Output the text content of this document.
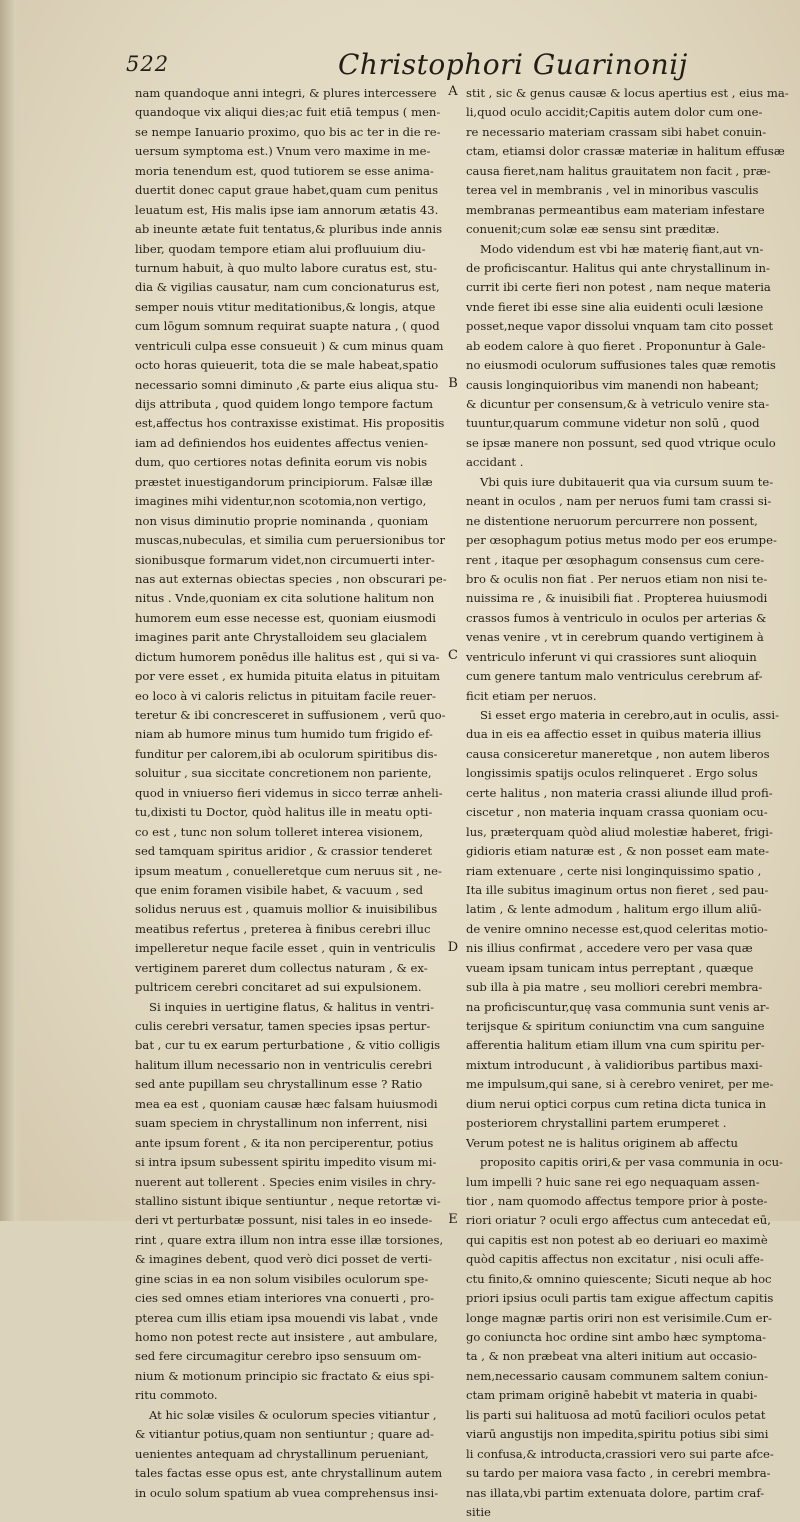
522	Christophori Guarinonij
nam quandoque anni integri, & plures intercessere
quandoque vix aliqui dies;ac fuit etiā tempus ( men-
se nempe Ianuario proximo, quo bis ac ter in die re-
uersum symptoma est.) Vnum vero maxime in me-
moria tenendum est, quod tutiorem se esse anima-
duertit donec caput graue habet,quam cum penitus
leuatum est, His malis ipse iam annorum ætatis 43.
ab ineunte ætate fuit tentatus,& pluribus inde annis
liber, quodam tempore etiam alui profluuium diu-
turnum habuit, à quo multo labore curatus est, stu-
dia & vigilias causatur, nam cum concionaturus est,
semper nouis vtitur meditationibus,& longis, atque
cum lōgum somnum requirat suapte natura , ( quod
ventriculi culpa esse consueuit ) & cum minus quam
octo horas quieuerit, tota die se male habeat,spatio
necessario somni diminuto ,& parte eius aliqua stu-
dijs attributa , quod quidem longo tempore factum
est,affectus hos contraxisse existimat. His propositis
iam ad definiendos hos euidentes affectus venien-
dum, quo certiores notas definita eorum vis nobis
præstet inuestigandorum principiorum. Falsæ illæ
imagines mihi videntur,non scotomia,non vertigo,
non visus diminutio proprie nominanda , quoniam
muscas,nubeculas, et similia cum peruersionibus tor
sionibusque formarum videt,non circumuerti inter-
nas aut externas obiectas species , non obscurari pe-
nitus . Vnde,quoniam ex cita solutione halitum non
humorem eum esse necesse est, quoniam eiusmodi
imagines parit ante Chrystalloidem seu glacialem
dictum humorem ponēdus ille halitus est , qui si va-
por vere esset , ex humida pituita elatus in pituitam
eo loco à vi caloris relictus in pituitam facile reuer-
teretur & ibi concresceret in suffusionem , verū quo-
niam ab humore minus tum humido tum frigido ef-
funditur per calorem,ibi ab oculorum spiritibus dis-
soluitur , sua siccitate concretionem non pariente,
quod in vniuerso fieri videmus in sicco terræ anheli-
tu,dixisti tu Doctor, quòd halitus ille in meatu opti-
co est , tunc non solum tolleret interea visionem,
sed tamquam spiritus aridior , & crassior tenderet
ipsum meatum , conuelleretque cum neruus sit , ne-
que enim foramen visibile habet, & vacuum , sed
solidus neruus est , quamuis mollior & inuisibilibus
meatibus refertus , preterea à finibus cerebri illuc
impelleretur neque facile esset , quin in ventriculis
vertiginem pareret dum collectus naturam , & ex-
pultricem cerebri concitaret ad sui expulsionem.
Si inquies in uertigine flatus, & halitus in ventri-
culis cerebri versatur, tamen species ipsas pertur-
bat , cur tu ex earum perturbatione , & vitio colligis
halitum illum necessario non in ventriculis cerebri
sed ante pupillam seu chrystallinum esse ? Ratio
mea ea est , quoniam causæ hæc falsam huiusmodi
suam speciem in chrystallinum non inferrent, nisi
ante ipsum forent , & ita non perciperentur, potius
si intra ipsum subessent spiritu impedito visum mi-
nuerent aut tollerent . Species enim visiles in chry-
stallino sistunt ibique sentiuntur , neque retortæ vi-
deri vt perturbatæ possunt, nisi tales in eo insede-
rint , quare extra illum non intra esse illæ torsiones,
& imagines debent, quod verò dici posset de verti-
gine scias in ea non solum visibiles oculorum spe-
cies sed omnes etiam interiores vna conuerti , pro-
pterea cum illis etiam ipsa mouendi vis labat , vnde
homo non potest recte aut insistere , aut ambulare,
sed fere circumagitur cerebro ipso sensuum om-
nium & motionum principio sic fractato & eius spi-
ritu commoto.
At hic solæ visiles & oculorum species vitiantur ,
& vitiantur potius,quam non sentiuntur ; quare ad-
uenientes antequam ad chrystallinum perueniant,
tales factas esse opus est, ante chrystallinum autem
in oculo solum spatium ab vuea comprehensus insi-
A
B
C
D
E
stit , sic & genus causæ & locus apertius est , eius ma-
li,quod oculo accidit;Capitis autem dolor cum one-
re necessario materiam crassam sibi habet conuin-
ctam, etiamsi dolor crassæ materiæ in halitum effusæ
causa fieret,nam halitus grauitatem non facit , præ-
terea vel in membranis , vel in minoribus vasculis
membranas permeantibus eam materiam infestare
conuenit;cum solæ eæ sensu sint præditæ.
Modo videndum est vbi hæ materię fiant,aut vn-
de proficiscantur. Halitus qui ante chrystallinum in-
currit ibi certe fieri non potest , nam neque materia
vnde fieret ibi esse sine alia euidenti oculi læsione
posset,neque vapor dissolui vnquam tam cito posset
ab eodem calore à quo fieret . Proponuntur à Gale-
no eiusmodi oculorum suffusiones tales quæ remotis
causis longinquioribus vim manendi non habeant;
& dicuntur per consensum,& à vetriculo venire sta-
tuuntur,quarum commune videtur non solū , quod
se ipsæ manere non possunt, sed quod vtrique oculo
accidant .
Vbi quis iure dubitauerit qua via cursum suum te-
neant in oculos , nam per neruos fumi tam crassi si-
ne distentione neruorum percurrere non possent,
per œsophagum potius metus modo per eos erumpe-
rent , itaque per œsophagum consensus cum cere-
bro & oculis non fiat . Per neruos etiam non nisi te-
nuissima re , & inuisibili fiat . Propterea huiusmodi
crassos fumos à ventriculo in oculos per arterias &
venas venire , vt in cerebrum quando vertiginem à
ventriculo inferunt vi qui crassiores sunt alioquin
cum genere tantum malo ventriculus cerebrum af-
ficit etiam per neruos.
Si esset ergo materia in cerebro,aut in oculis, assi-
dua in eis ea affectio esset in quibus materia illius
causa consiceretur maneretque , non autem liberos
longissimis spatijs oculos relinqueret . Ergo solus
certe halitus , non materia crassi aliunde illud profi-
ciscetur , non materia inquam crassa quoniam ocu-
lus, præterquam quòd aliud molestiæ haberet, frigi-
gidioris etiam naturæ est , & non posset eam mate-
riam extenuare , certe nisi longinquissimo spatio ,
Ita ille subitus imaginum ortus non fieret , sed pau-
latim , & lente admodum , halitum ergo illum aliū-
de venire omnino necesse est,quod celeritas motio-
nis illius confirmat , accedere vero per vasa quæ
vueam ipsam tunicam intus perreptant , quæque
sub illa à pia matre , seu molliori cerebri membra-
na proficiscuntur,quę vasa communia sunt venis ar-
terijsque & spiritum coniunctim vna cum sanguine
afferentia halitum etiam illum vna cum spiritu per-
mixtum introducunt , à validioribus partibus maxi-
me impulsum,qui sane, si à cerebro veniret, per me-
dium nerui optici corpus cum retina dicta tunica in
posteriorem chrystallini partem erumperet .
Verum potest ne is halitus originem ab affectu
proposito capitis oriri,& per vasa communia in ocu-
lum impelli ? huic sane rei ego nequaquam assen-
tior , nam quomodo affectus tempore prior à poste-
riori oriatur ? oculi ergo affectus cum antecedat eū,
qui capitis est non potest ab eo deriuari eo maximè
quòd capitis affectus non excitatur , nisi oculi affe-
ctu finito,& omnino quiescente; Sicuti neque ab hoc
priori ipsius oculi partis tam exigue affectum capitis
longe magnæ partis oriri non est verisimile.Cum er-
go coniuncta hoc ordine sint ambo hæc symptoma-
ta , & non præbeat vna alteri initium aut occasio-
nem,necessario causam communem saltem coniun-
ctam primam originē habebit vt materia in quabi-
lis parti sui halituosa ad motū faciliori oculos petat
viarū angustijs non impedita,spiritu potius sibi simi
li confusa,& introducta,crassiori vero sui parte afce-
su tardo per maiora vasa facto , in cerebri membra-
nas illata,vbi partim extenuata dolore, partim craf-
sitie
